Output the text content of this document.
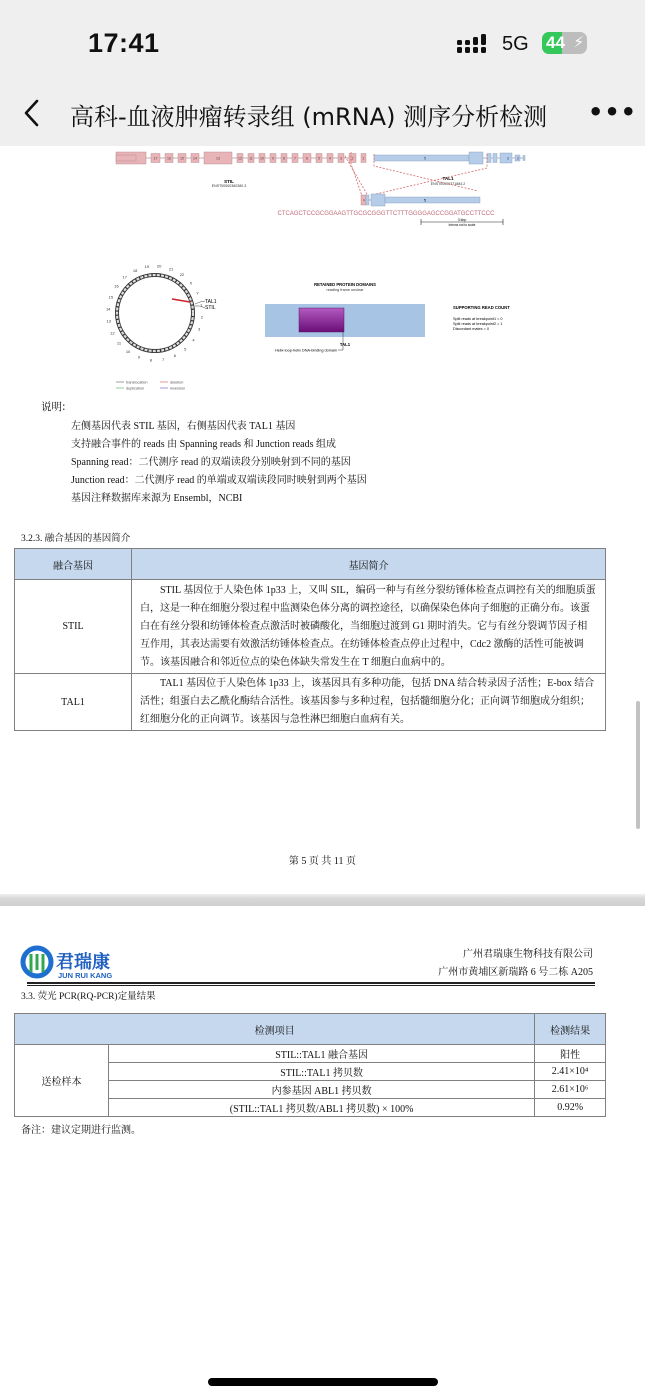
17:41	5G 44 ⚡
高科-血液肿瘤转录组 (mRNA) 测序分析检测	•••
17	16	15	14	13	12 11 10 9	8	7	6	5	4	3	2	1
STIL
ENST00000360380.3
5	3 2
TAL1
ENST00000371884.2
1	5
CTCAGCTCCGCGGAAGTTGCGCGGGTTCTTTGGGGAGCCGGATGCCTTCCC
3 kbp
introns not to scale
TAL1
STIL
1
2
3
4
5
6
7
8
9
10
11
12
13
14
15
16
17
18
19 20
21
22
X
Y
translocation	deletion
duplication	inversion
RETAINED PROTEIN DOMAINS
reading frame unclear
TAL1
Helix-loop-helix DNA-binding domain
SUPPORTING READ COUNT
Split reads at breakpoint1 = 0
Split reads at breakpoint2 = 1
Discordant mates = 0
说明:
左侧基因代表 STIL 基因，右侧基因代表 TAL1 基因
支持融合事件的 reads 由 Spanning reads 和 Junction reads 组成
Spanning read：二代测序 read 的双端读段分别映射到不同的基因
Junction read：二代测序 read 的单端或双端读段同时映射到两个基因
基因注释数据库来源为 Ensembl，NCBI
3.2.3. 融合基因的基因简介
融合基因	基因简介
STIL	STIL 基因位于人染色体 1p33 上，又叫 SIL，编码一种与有丝分裂纺锤体检查点调控有关的细胞质蛋白，这是一种在细胞分裂过程中监测染色体分离的调控途径，以确保染色体向子细胞的正确分布。该蛋白在有丝分裂和纺锤体检查点激活时被磷酸化，当细胞过渡到 G1 期时消失。它与有丝分裂调节因子相互作用，其表达需要有效激活纺锤体检查点。在纺锤体检查点停止过程中，Cdc2 激酶的活性可能被调节。该基因融合和邻近位点的染色体缺失常发生在 T 细胞白血病中的。
TAL1	TAL1 基因位于人染色体 1p33 上，该基因具有多种功能，包括 DNA 结合转录因子活性；E-box 结合活性；组蛋白去乙酰化酶结合活性。该基因参与多种过程，包括髓细胞分化；正向调节细胞成分组织；红细胞分化的正向调节。该基因与急性淋巴细胞白血病有关。
第 5 页 共 11 页
君瑞康
JUN RUI KANG
广州君瑞康生物科技有限公司
广州市黄埔区新瑞路 6 号二栋 A205
3.3. 荧光 PCR(RQ-PCR)定量结果
检测项目	检测结果
送检样本	STIL::TAL1 融合基因	阳性
STIL::TAL1 拷贝数	2.41×10⁴
内参基因 ABL1 拷贝数	2.61×10⁶
(STIL::TAL1 拷贝数/ABL1 拷贝数) × 100%	0.92%
备注：建议定期进行监测。
